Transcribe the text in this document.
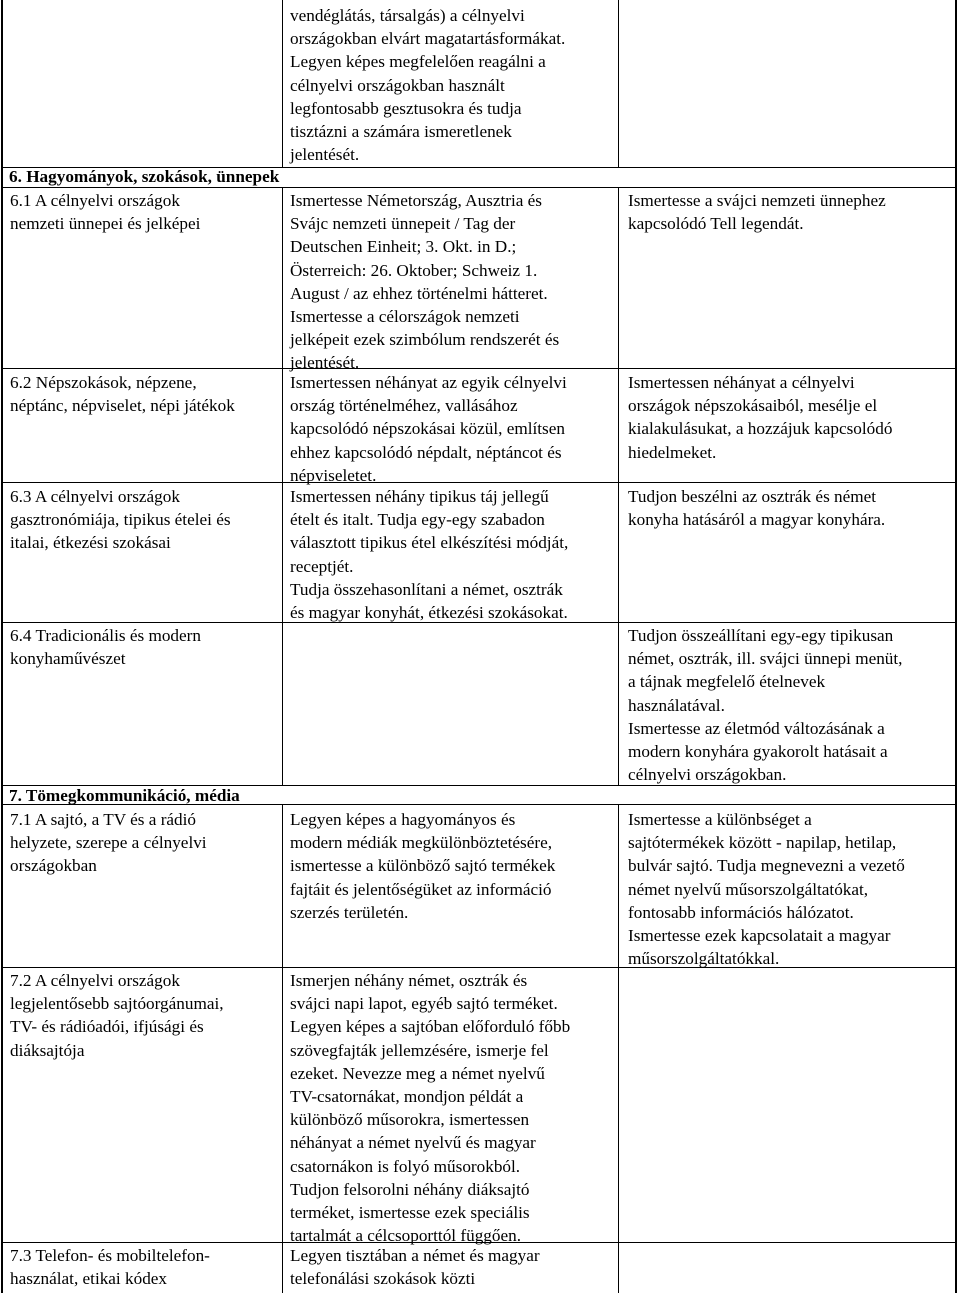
vendéglátás, társalgás) a célnyelvi
országokban elvárt magatartásformákat.
Legyen képes megfelelően reagálni a
célnyelvi országokban használt
legfontosabb gesztusokra és tudja
tisztázni a számára ismeretlenek
jelentését.
6. Hagyományok, szokások, ünnepek
6.1 A célnyelvi országok
nemzeti ünnepei és jelképei
Ismertesse Németország, Ausztria és
Svájc nemzeti ünnepeit / Tag der
Deutschen Einheit; 3. Okt. in D.;
Österreich: 26. Oktober; Schweiz 1.
August / az ehhez történelmi hátteret.
Ismertesse a célországok nemzeti
jelképeit ezek szimbólum rendszerét és
jelentését.
Ismertesse a svájci nemzeti ünnephez
kapcsolódó Tell legendát.
6.2 Népszokások, népzene,
néptánc, népviselet, népi játékok
Ismertessen néhányat az egyik célnyelvi
ország történelméhez, vallásához
kapcsolódó népszokásai közül, említsen
ehhez kapcsolódó népdalt, néptáncot és
népviseletet.
Ismertessen néhányat a célnyelvi
országok népszokásaiból, mesélje el
kialakulásukat, a hozzájuk kapcsolódó
hiedelmeket.
6.3 A célnyelvi országok
gasztronómiája, tipikus ételei és
italai, étkezési szokásai
Ismertessen néhány tipikus táj jellegű
ételt és italt. Tudja egy-egy szabadon
választott tipikus étel elkészítési módját,
receptjét.
Tudja összehasonlítani a német, osztrák
és magyar konyhát, étkezési szokásokat.
Tudjon beszélni az osztrák és német
konyha hatásáról a magyar konyhára.
6.4 Tradicionális és modern
konyhaművészet
Tudjon összeállítani egy-egy tipikusan
német, osztrák, ill. svájci ünnepi menüt,
a tájnak megfelelő ételnevek
használatával.
Ismertesse az életmód változásának a
modern konyhára gyakorolt hatásait a
célnyelvi országokban.
7. Tömegkommunikáció, média
7.1 A sajtó, a TV és a rádió
helyzete, szerepe a célnyelvi
országokban
Legyen képes a hagyományos és
modern médiák megkülönböztetésére,
ismertesse a különböző sajtó termékek
fajtáit és jelentőségüket az információ
szerzés területén.
Ismertesse a különbséget a
sajtótermékek között - napilap, hetilap,
bulvár sajtó. Tudja megnevezni a vezető
német nyelvű műsorszolgáltatókat,
fontosabb információs hálózatot.
Ismertesse ezek kapcsolatait a magyar
műsorszolgáltatókkal.
7.2 A célnyelvi országok
legjelentősebb sajtóorgánumai,
TV- és rádióadói, ifjúsági és
diáksajtója
Ismerjen néhány német, osztrák és
svájci napi lapot, egyéb sajtó terméket.
Legyen képes a sajtóban előforduló főbb
szövegfajták jellemzésére, ismerje fel
ezeket. Nevezze meg a német nyelvű
TV-csatornákat, mondjon példát a
különböző műsorokra, ismertessen
néhányat a német nyelvű és magyar
csatornákon is folyó műsorokból.
Tudjon felsorolni néhány diáksajtó
terméket, ismertesse ezek speciális
tartalmát a célcsoporttól függően.
7.3 Telefon- és mobiltelefon-
használat, etikai kódex
Legyen tisztában a német és magyar
telefonálási szokások közti
